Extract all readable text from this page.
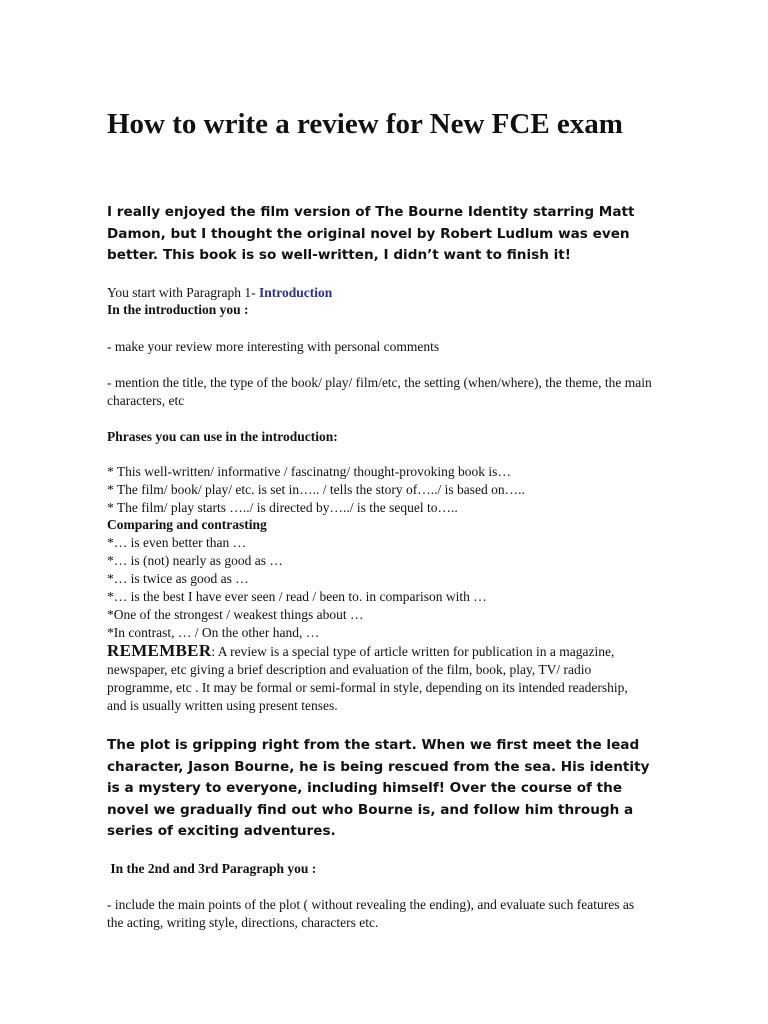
How to write a review for New FCE exam

I really enjoyed the film version of The Bourne Identity starring Matt Damon, but I thought the original novel by Robert Ludlum was even better. This book is so well-written, I didn’t want to finish it!

You start with Paragraph 1- Introduction

In the introduction you :

- make your review more interesting with personal comments

- mention the title, the type of the book/ play/ film/etc, the setting (when/where), the theme, the main characters, etc

Phrases you can use in the introduction:

* This well-written/ informative / fascinatng/ thought-provoking book is…

* The film/ book/ play/ etc. is set in….. / tells the story of…../ is based on…..

* The film/ play starts …../ is directed by…../ is the sequel to…..

Comparing and contrasting

*… is even better than …

*… is (not) nearly as good as …

*… is twice as good as …

*… is the best I have ever seen / read / been to. in comparison with …

*One of the strongest / weakest things about …

*In contrast, … / On the other hand, …

REMEMBER: A review is a special type of article written for publication in a magazine, newspaper, etc giving a brief description and evaluation of the film, book, play, TV/ radio programme, etc . It may be formal or semi-formal in style, depending on its intended readership, and is usually written using present tenses.

The plot is gripping right from the start. When we first meet the lead character, Jason Bourne, he is being rescued from the sea. His identity is a mystery to everyone, including himself! Over the course of the novel we gradually find out who Bourne is, and follow him through a series of exciting adventures.

In the 2nd and 3rd Paragraph you :

- include the main points of the plot ( without revealing the ending), and evaluate such features as the acting, writing style, directions, characters etc.
